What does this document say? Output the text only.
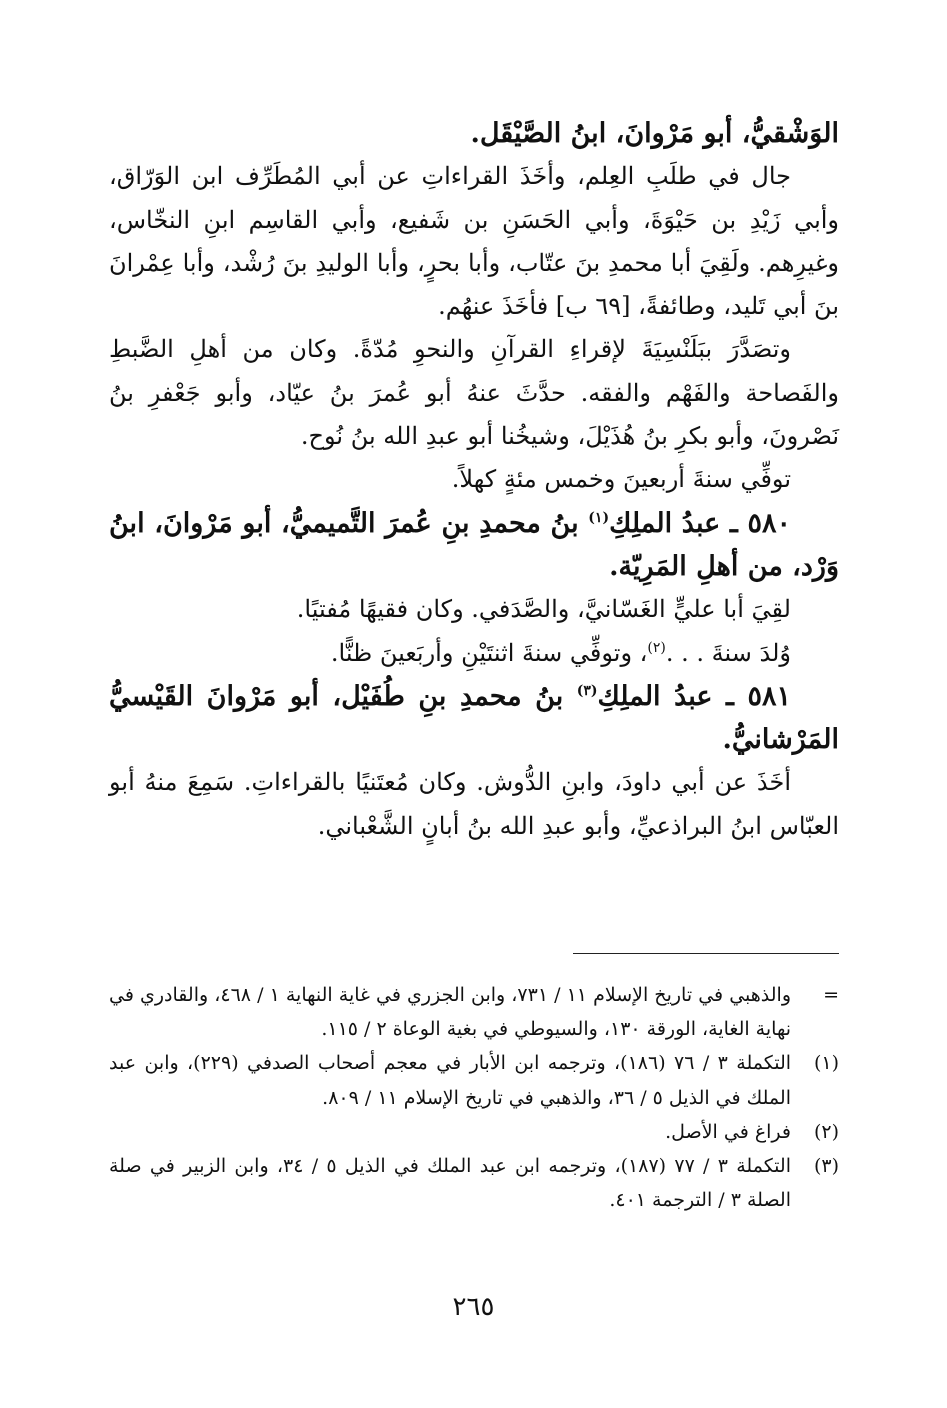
الوَشْقيُّ، أبو مَرْوانَ، ابنُ الصَّيْقَل.

جال في طلَبِ العِلم، وأخَذَ القراءاتِ عن أبي المُطَرِّف ابن الوَرّاق، وأبي زَيْدِ بن حَيْوَةَ، وأبي الحَسَنِ بن شَفيع، وأبي القاسِم ابنِ النخّاس، وغيرِهم. ولَقِيَ أبا محمدِ بنَ عتّاب، وأبا بحرٍ، وأبا الوليدِ بنَ رُشْد، وأبا عِمْرانَ بنَ أبي تَليد، وطائفةً، [٦٩ ب] فأخَذَ عنهُم.

وتصَدَّرَ ببَلَنْسِيَةَ لإقراءِ القرآنِ والنحوِ مُدّةً. وكان من أهلِ الضَّبطِ والفَصاحة والفَهْم والفقه. حدَّثَ عنهُ أبو عُمرَ بنُ عيّاد، وأبو جَعْفرِ بنُ نَصْرونَ، وأبو بكرِ بنُ هُذَيْلَ، وشيخُنا أبو عبدِ الله بنُ نُوح.

توفِّي سنةَ أربعينَ وخمس مئةٍ كهلاً.

٥٨٠ ـ عبدُ الملِكِ$^{(١)}$ بنُ محمدِ بنِ عُمرَ التَّميميُّ، أبو مَرْوانَ، ابنُ وَرْد، من أهلِ المَرِيّة.

لقِيَ أبا عليٍّ الغَسّانيَّ، والصَّدَفي. وكان فقيهًا مُفتيًا.

وُلدَ سنةَ . . .$^{(٢)}$، وتوفِّي سنةَ اثنتَيْنِ وأربَعينَ ظنًّا.

٥٨١ ـ عبدُ الملِكِ$^{(٣)}$ بنُ محمدِ بنِ طُفَيْل، أبو مَرْوانَ القَيْسيُّ المَرْشانيُّ.

أخَذَ عن أبي داودَ، وابنِ الدُّوش. وكان مُعتَنيًا بالقراءاتِ. سَمِعَ منهُ أبو العبّاس ابنُ البراذعيِّ، وأبو عبدِ الله بنُ أبانٍ الشَّعْباني.

=
والذهبي في تاريخ الإسلام ١١ / ٧٣١، وابن الجزري في غاية النهاية ١ / ٤٦٨، والقادري في نهاية الغاية، الورقة ١٣٠، والسيوطي في بغية الوعاة ٢ / ١١٥.

(١)
التكملة ٣ / ٧٦ (١٨٦)، وترجمه ابن الأبار في معجم أصحاب الصدفي (٢٢٩)، وابن عبد الملك في الذيل ٥ / ٣٦، والذهبي في تاريخ الإسلام ١١ / ٨٠٩.

(٢)
فراغ في الأصل.

(٣)
التكملة ٣ / ٧٧ (١٨٧)، وترجمه ابن عبد الملك في الذيل ٥ / ٣٤، وابن الزبير في صلة الصلة ٣ / الترجمة ٤٠١.

٢٦٥
